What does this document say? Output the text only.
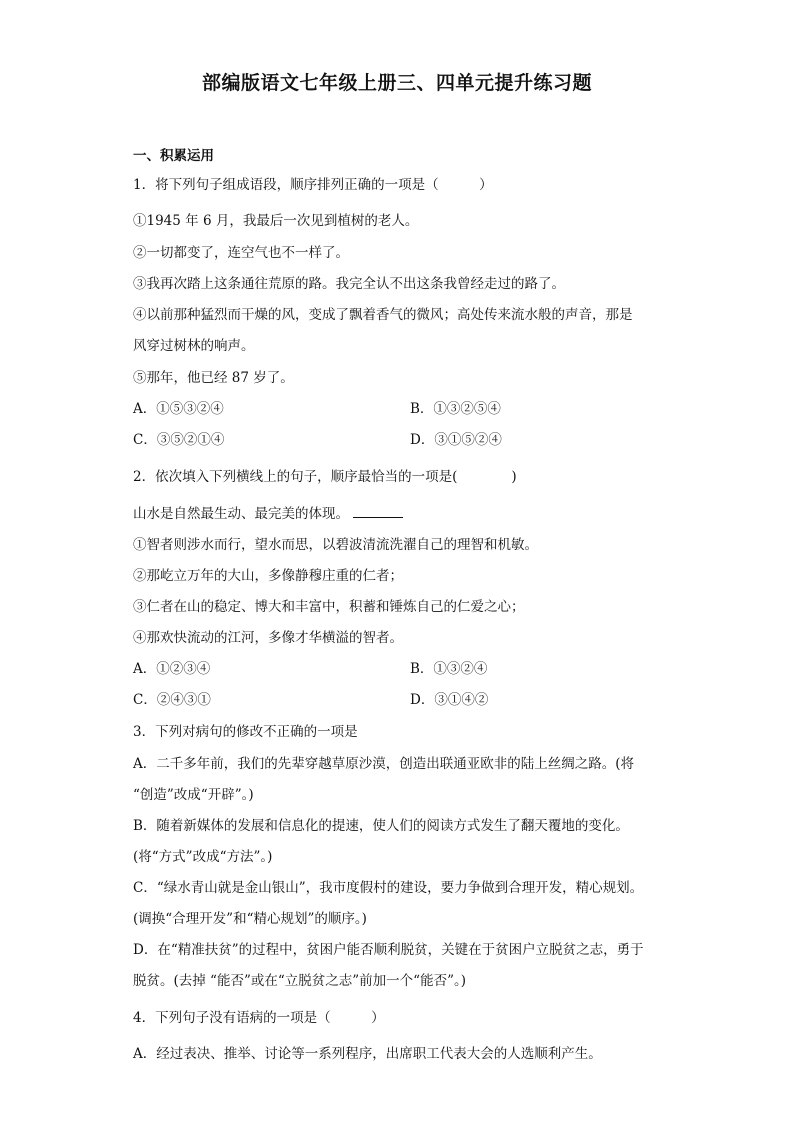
部编版语文七年级上册三、四单元提升练习题
一、积累运用
1．将下列句子组成语段，顺序排列正确的一项是（　　　）
①1945 年 6 月，我最后一次见到植树的老人。
②一切都变了，连空气也不一样了。
③我再次踏上这条通往荒原的路。我完全认不出这条我曾经走过的路了。
④以前那种猛烈而干燥的风，变成了飘着香气的微风；高处传来流水般的声音，那是
风穿过树林的响声。
⑤那年，他已经 87 岁了。
A．①⑤③②④	B．①③②⑤④
C．③⑤②①④	D．③①⑤②④
2．依次填入下列横线上的句子，顺序最恰当的一项是(　　　　)
山水是自然最生动、最完美的体现。
①智者则涉水而行，望水而思，以碧波清流洗濯自己的理智和机敏。
②那屹立万年的大山，多像静穆庄重的仁者；
③仁者在山的稳定、博大和丰富中，积蓄和锤炼自己的仁爱之心；
④那欢快流动的江河，多像才华横溢的智者。
A．①②③④	B．①③②④
C．②④③①	D．③①④②
3．下列对病句的修改不正确的一项是
A．二千多年前，我们的先辈穿越草原沙漠，创造出联通亚欧非的陆上丝绸之路。(将
“创造”改成“开辟”。)
B．随着新媒体的发展和信息化的提速，使人们的阅读方式发生了翻天覆地的变化。
(将“方式”改成“方法”。)
C．“绿水青山就是金山银山”，我市度假村的建设，要力争做到合理开发，精心规划。
(调换“合理开发”和“精心规划”的顺序。)
D．在“精准扶贫”的过程中，贫困户能否顺利脱贫，关键在于贫困户立脱贫之志，勇于
脱贫。(去掉 “能否”或在“立脱贫之志”前加一个“能否”。)
4．下列句子没有语病的一项是（　　　）
A．经过表决、推举、讨论等一系列程序，出席职工代表大会的人选顺利产生。
